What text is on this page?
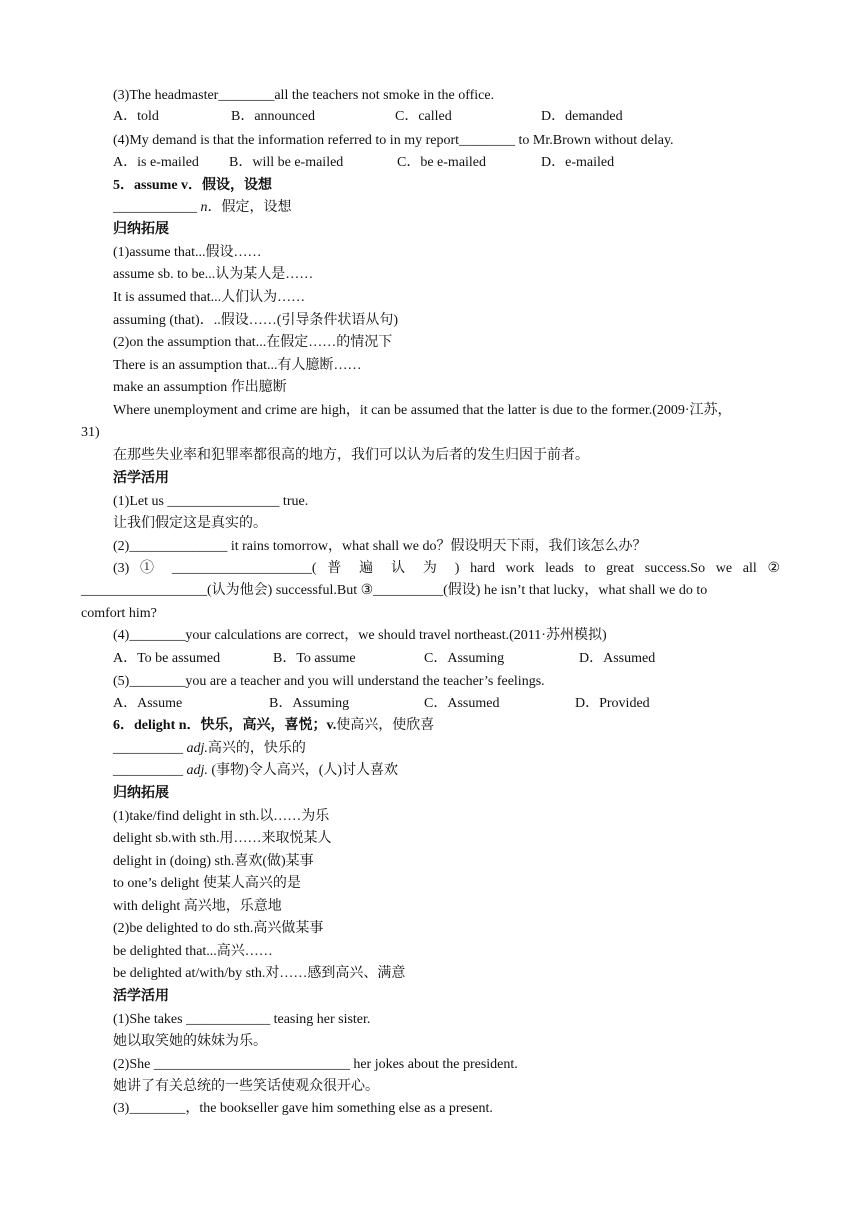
(3)The headmaster________all the teachers not smoke in the office.
A．told	B．announced	C．called	D．demanded
(4)My demand is that the information referred to in my report________ to Mr.Brown without delay.
A．is e-mailed B．will be e-mailed	C．be e-mailed	D．e-mailed
5．assume v．假设，设想
____________ n．假定，设想
归纳拓展
(1)assume that...假设……
assume sb. to be...认为某人是……
It is assumed that...人们认为……
assuming (that)．..假设……(引导条件状语从句)
(2)on the assumption that...在假定……的情况下
There is an assumption that...有人臆断……
make an assumption 作出臆断
Where unemployment and crime are high，it can be assumed that the latter is due to the former.(2009·江苏，
31)
在那些失业率和犯罪率都很高的地方，我们可以认为后者的发生归因于前者。
活学活用
(1)Let us ________________ true.
让我们假定这是真实的。
(2)______________ it rains tomorrow，what shall we do？假设明天下雨，我们该怎么办？
(3) ① ____________________( 普 遍 认 为 ) hard work leads to great success.So we all ②
__________________(认为他会) successful.But ③__________(假设) he isn’t that lucky，what shall we do to
comfort him?
(4)________your calculations are correct，we should travel northeast.(2011·苏州模拟)
A．To be assumed	B．To assume	C．Assuming	D．Assumed
(5)________you are a teacher and you will understand the teacher’s feelings.
A．Assume	B．Assuming	C．Assumed	D．Provided
6．delight n．快乐，高兴，喜悦；v.使高兴，使欣喜
__________ adj.高兴的，快乐的
__________ adj. (事物)令人高兴，(人)讨人喜欢
归纳拓展
(1)take/find delight in sth.以……为乐
delight sb.with sth.用……来取悦某人
delight in (doing) sth.喜欢(做)某事
to one’s delight 使某人高兴的是
with delight 高兴地，乐意地
(2)be delighted to do sth.高兴做某事
be delighted that...高兴……
be delighted at/with/by sth.对……感到高兴、满意
活学活用
(1)She takes ____________ teasing her sister.
她以取笑她的妹妹为乐。
(2)She ____________________________ her jokes about the president.
她讲了有关总统的一些笑话使观众很开心。
(3)________，the bookseller gave him something else as a present.
